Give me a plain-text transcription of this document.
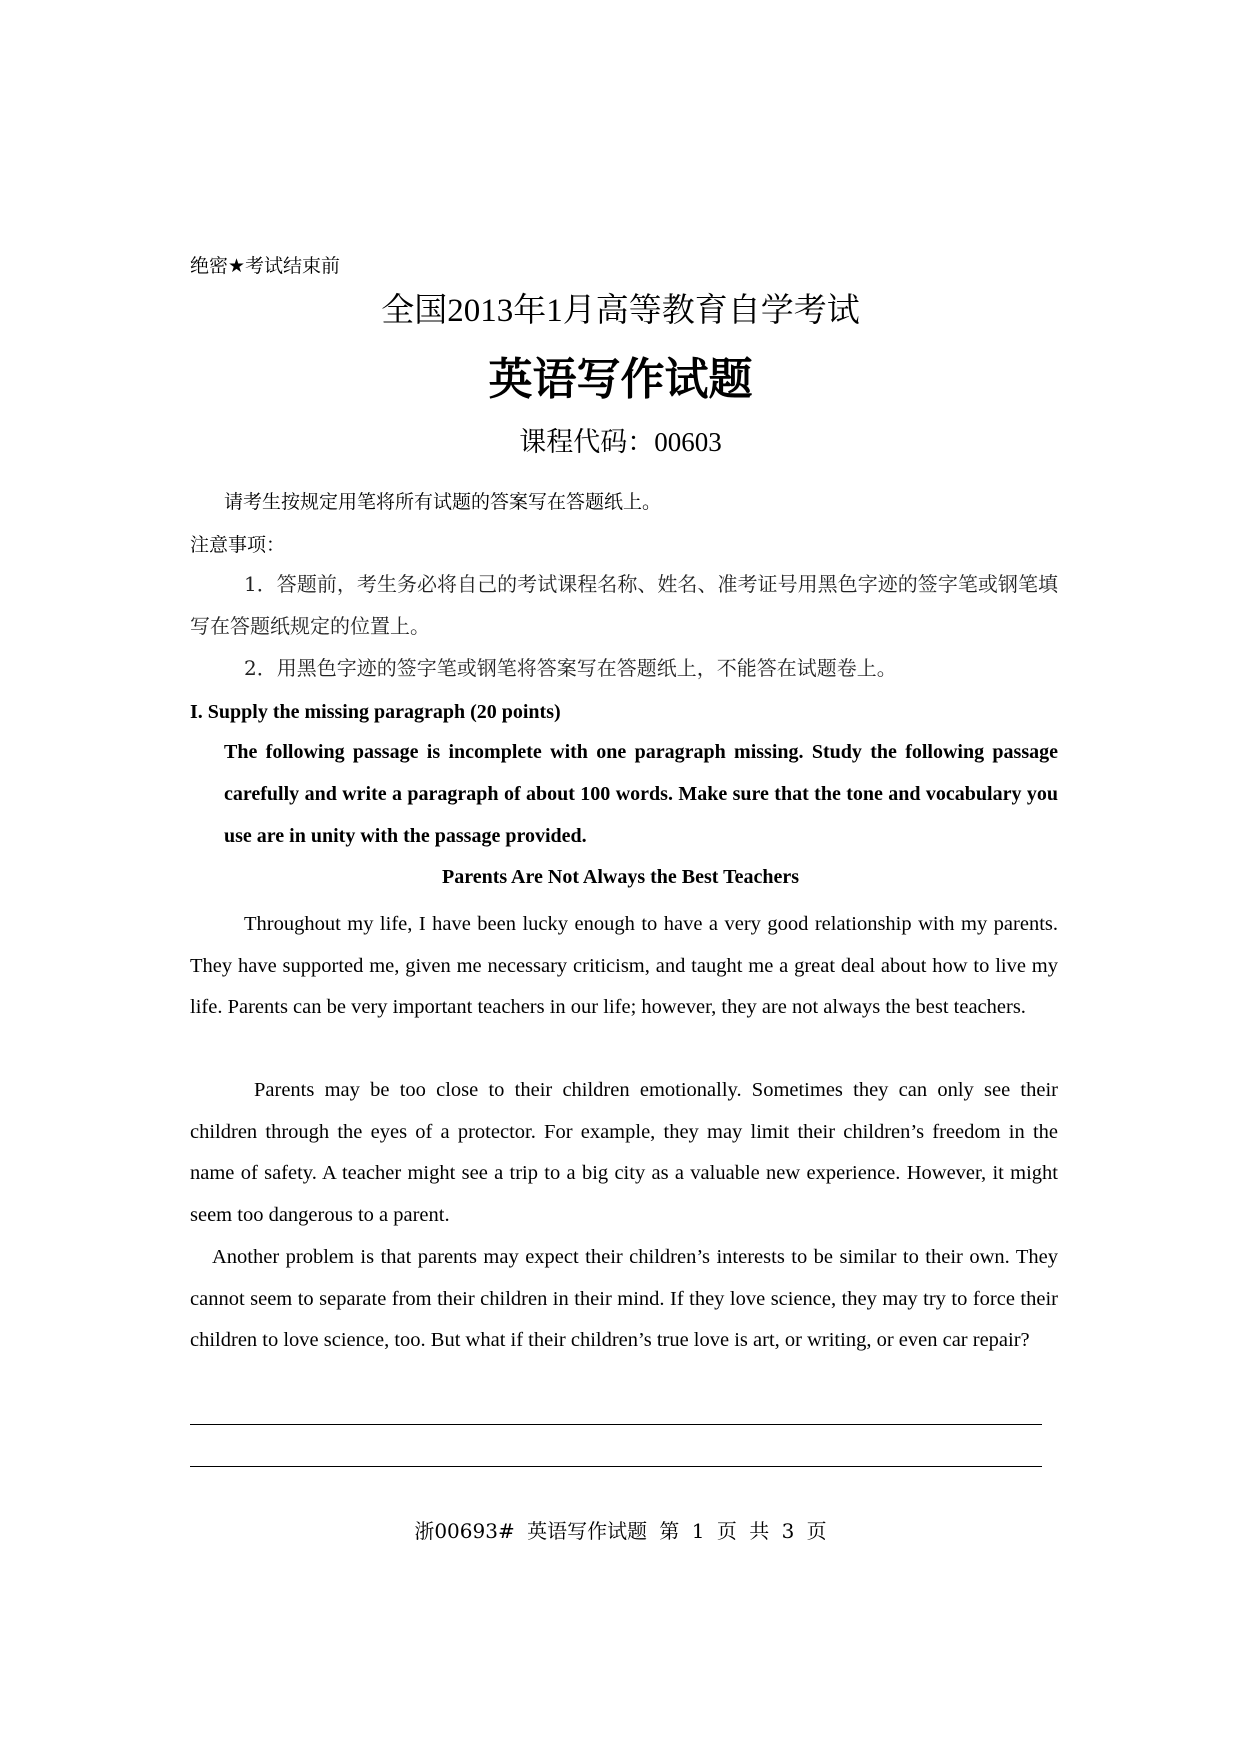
绝密★考试结束前
全国2013年1月高等教育自学考试
英语写作试题
课程代码：00603
请考生按规定用笔将所有试题的答案写在答题纸上。
注意事项：
1．答题前，考生务必将自己的考试课程名称、姓名、准考证号用黑色字迹的签字笔或钢笔填写在答题纸规定的位置上。
2．用黑色字迹的签字笔或钢笔将答案写在答题纸上，不能答在试题卷上。
I. Supply the missing paragraph (20 points)
The following passage is incomplete with one paragraph missing. Study the following passage carefully and write a paragraph of about 100 words. Make sure that the tone and vocabulary you use are in unity with the passage provided.
Parents Are Not Always the Best Teachers
Throughout my life, I have been lucky enough to have a very good relationship with my parents. They have supported me, given me necessary criticism, and taught me a great deal about how to live my life. Parents can be very important teachers in our life; however, they are not always the best teachers.
Parents may be too close to their children emotionally. Sometimes they can only see their children through the eyes of a protector. For example, they may limit their children’s freedom in the name of safety. A teacher might see a trip to a big city as a valuable new experience. However, it might seem too dangerous to a parent.
Another problem is that parents may expect their children’s interests to be similar to their own. They cannot seem to separate from their children in their mind. If they love science, they may try to force their children to love science, too. But what if their children’s true love is art, or writing, or even car repair?
浙00693# 英语写作试题 第 1 页 共 3 页
